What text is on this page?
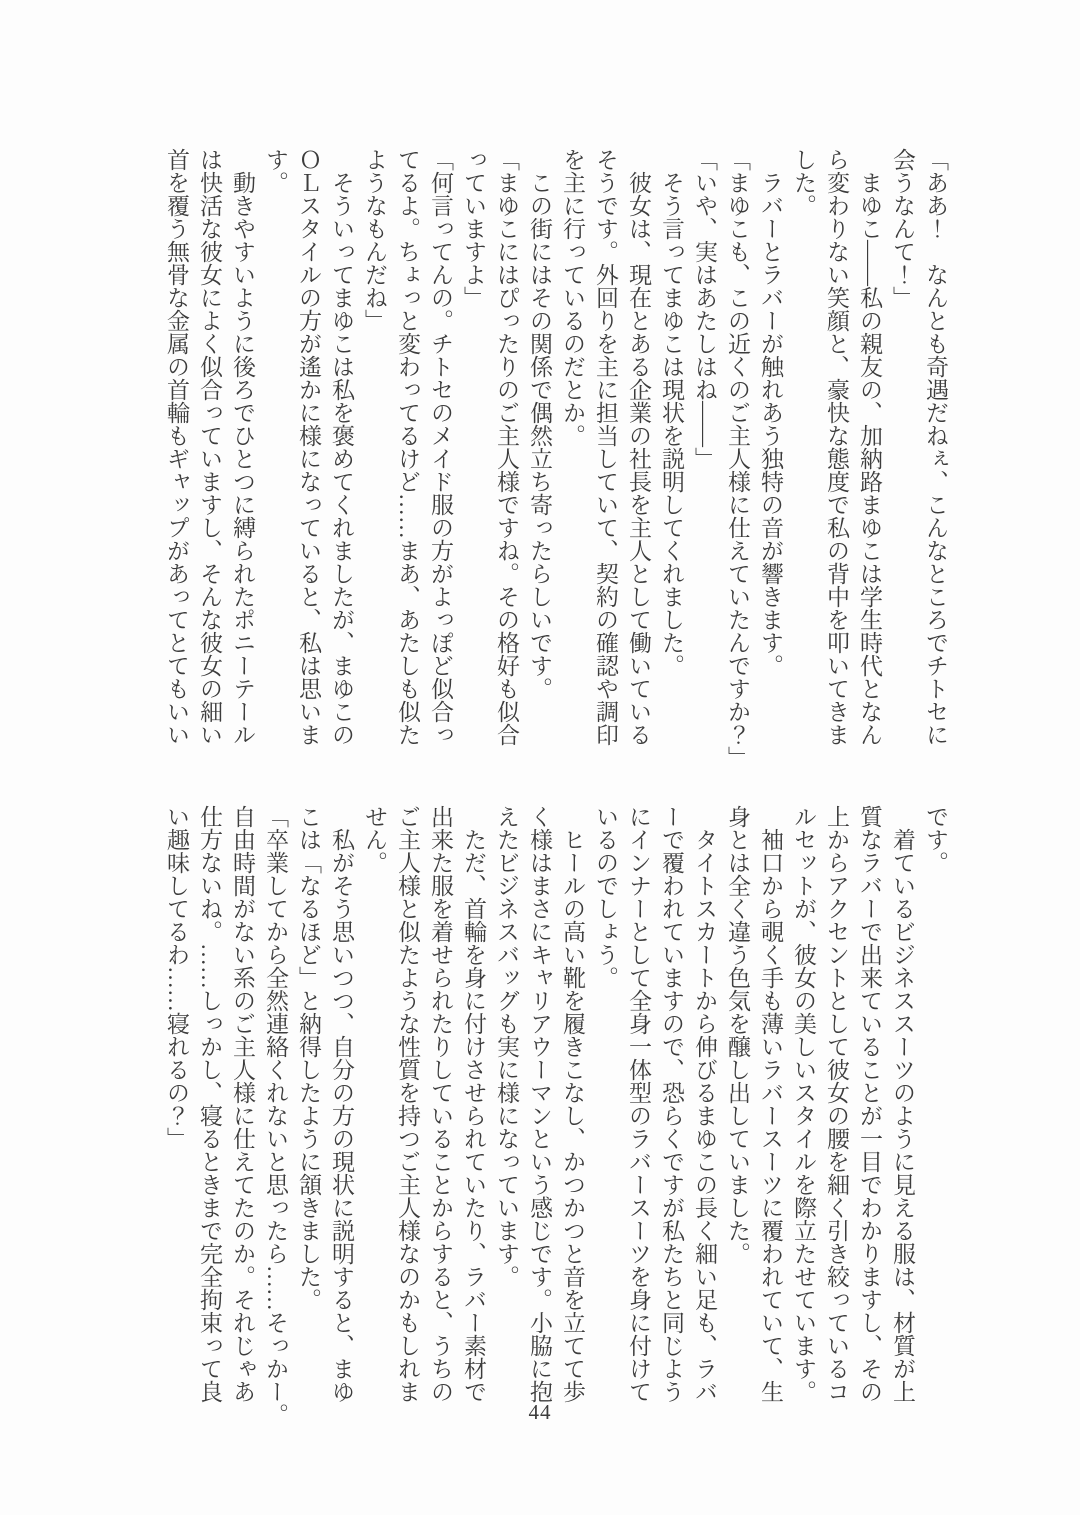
「ああ！　なんとも奇遇だねぇ、こんなところでチトセに

会うなんて！」

　まゆこ――私の親友の、加納路まゆこは学生時代となん

ら変わりない笑顔と、豪快な態度で私の背中を叩いてきま

した。

　ラバーとラバーが触れあう独特の音が響きます。

「まゆこも、この近くのご主人様に仕えていたんですか？」

「いや、実はあたしはね――」

　そう言ってまゆこは現状を説明してくれました。

　彼女は、現在とある企業の社長を主人として働いている

そうです。外回りを主に担当していて、契約の確認や調印

を主に行っているのだとか。

　この街にはその関係で偶然立ち寄ったらしいです。

「まゆこにはぴったりのご主人様ですね。その格好も似合

っていますよ」

「何言ってんの。チトセのメイド服の方がよっぽど似合っ

てるよ。ちょっと変わってるけど……まあ、あたしも似た

ようなもんだね」

　そういってまゆこは私を褒めてくれましたが、まゆこの

ＯＬスタイルの方が遙かに様になっていると、私は思いま

す。

　動きやすいように後ろでひとつに縛られたポニーテール

は快活な彼女によく似合っていますし、そんな彼女の細い

首を覆う無骨な金属の首輪もギャップがあってとてもいい

です。

　着ているビジネススーツのように見える服は、材質が上

質なラバーで出来ていることが一目でわかりますし、その

上からアクセントとして彼女の腰を細く引き絞っているコ

ルセットが、彼女の美しいスタイルを際立たせています。

　袖口から覗く手も薄いラバースーツに覆われていて、生

身とは全く違う色気を醸し出していました。

　タイトスカートから伸びるまゆこの長く細い足も、ラバ

ーで覆われていますので、恐らくですが私たちと同じよう

にインナーとして全身一体型のラバースーツを身に付けて

いるのでしょう。

　ヒールの高い靴を履きこなし、かつかつと音を立てて歩

く様はまさにキャリアウーマンという感じです。小脇に抱

えたビジネスバッグも実に様になっています。

　ただ、首輪を身に付けさせられていたり、ラバー素材で

出来た服を着せられたりしていることからすると、うちの

ご主人様と似たような性質を持つご主人様なのかもしれま

せん。

　私がそう思いつつ、自分の方の現状に説明すると、まゆ

こは「なるほど」と納得したように頷きました。

「卒業してから全然連絡くれないと思ったら……そっかー。

自由時間がない系のご主人様に仕えてたのか。それじゃあ

仕方ないね。……しっかし、寝るときまで完全拘束って良

い趣味してるわ……寝れるの？」

44
